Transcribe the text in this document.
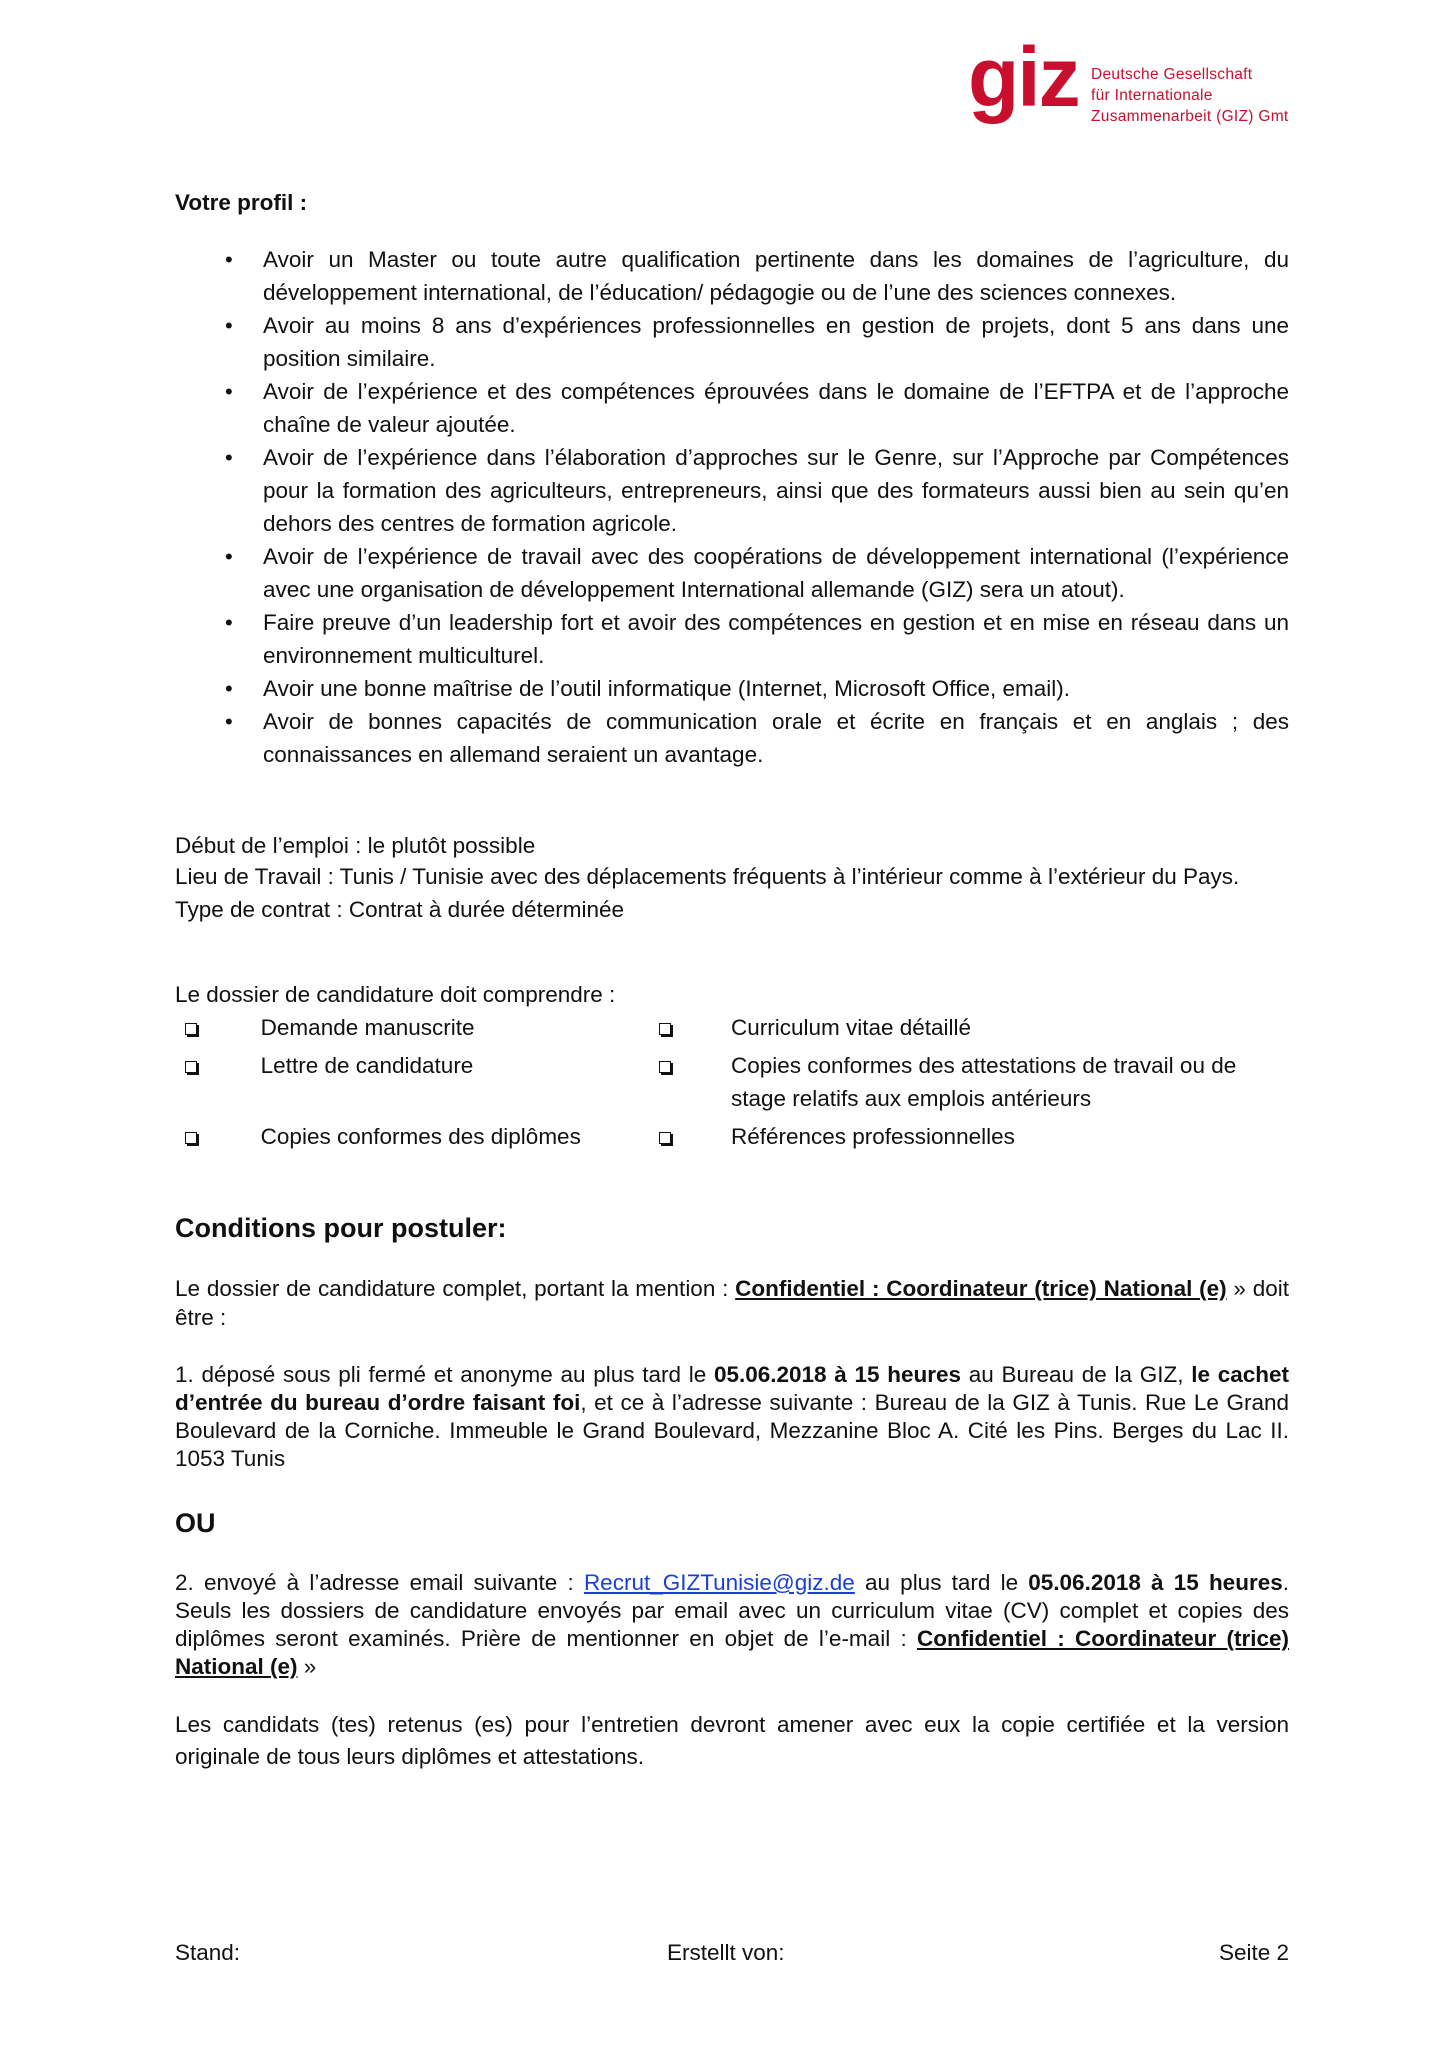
giz Deutsche Gesellschaft
für Internationale
Zusammenarbeit (GIZ) Gmt
Votre profil :
• Avoir un Master ou toute autre qualification pertinente dans les domaines de l’agriculture, du développement international, de l’éducation/ pédagogie ou de l’une des sciences connexes.
• Avoir au moins 8 ans d’expériences professionnelles en gestion de projets, dont 5 ans dans une position similaire.
• Avoir de l’expérience et des compétences éprouvées dans le domaine de l’EFTPA et de l’approche chaîne de valeur ajoutée.
• Avoir de l’expérience dans l’élaboration d’approches sur le Genre, sur l’Approche par Compétences pour la formation des agriculteurs, entrepreneurs, ainsi que des formateurs aussi bien au sein qu’en dehors des centres de formation agricole.
• Avoir de l’expérience de travail avec des coopérations de développement international (l’expérience avec une organisation de développement International allemande (GIZ) sera un atout).
• Faire preuve d’un leadership fort et avoir des compétences en gestion et en mise en réseau dans un environnement multiculturel.
• Avoir une bonne maîtrise de l’outil informatique (Internet, Microsoft Office, email).
• Avoir de bonnes capacités de communication orale et écrite en français et en anglais ; des connaissances en allemand seraient un avantage.
Début de l’emploi : le plutôt possible
Lieu de Travail : Tunis / Tunisie avec des déplacements fréquents à l’intérieur comme à l’extérieur du Pays.
Type de contrat : Contrat à durée déterminée
Le dossier de candidature doit comprendre :
	Demande manuscrite		Curriculum vitae détaillé
	Lettre de candidature		Copies conformes des attestations de travail ou de stage relatifs aux emplois antérieurs
	Copies conformes des diplômes		Références professionnelles
Conditions pour postuler:

Le dossier de candidature complet, portant la mention : Confidentiel : Coordinateur (trice) National (e) » doit être :

1. déposé sous pli fermé et anonyme au plus tard le 05.06.2018 à 15 heures au Bureau de la GIZ, le cachet d’entrée du bureau d’ordre faisant foi, et ce à l’adresse suivante : Bureau de la GIZ à Tunis. Rue Le Grand Boulevard de la Corniche. Immeuble le Grand Boulevard, Mezzanine Bloc A. Cité les Pins. Berges du Lac II. 1053 Tunis

OU

2. envoyé à l’adresse email suivante : Recrut_GIZTunisie@giz.de au plus tard le 05.06.2018 à 15 heures. Seuls les dossiers de candidature envoyés par email avec un curriculum vitae (CV) complet et copies des diplômes seront examinés. Prière de mentionner en objet de l’e-mail : Confidentiel : Coordinateur (trice) National (e) »

Les candidats (tes) retenus (es) pour l’entretien devront amener avec eux la copie certifiée et la version originale de tous leurs diplômes et attestations.

Stand:	Erstellt von:	Seite 2
